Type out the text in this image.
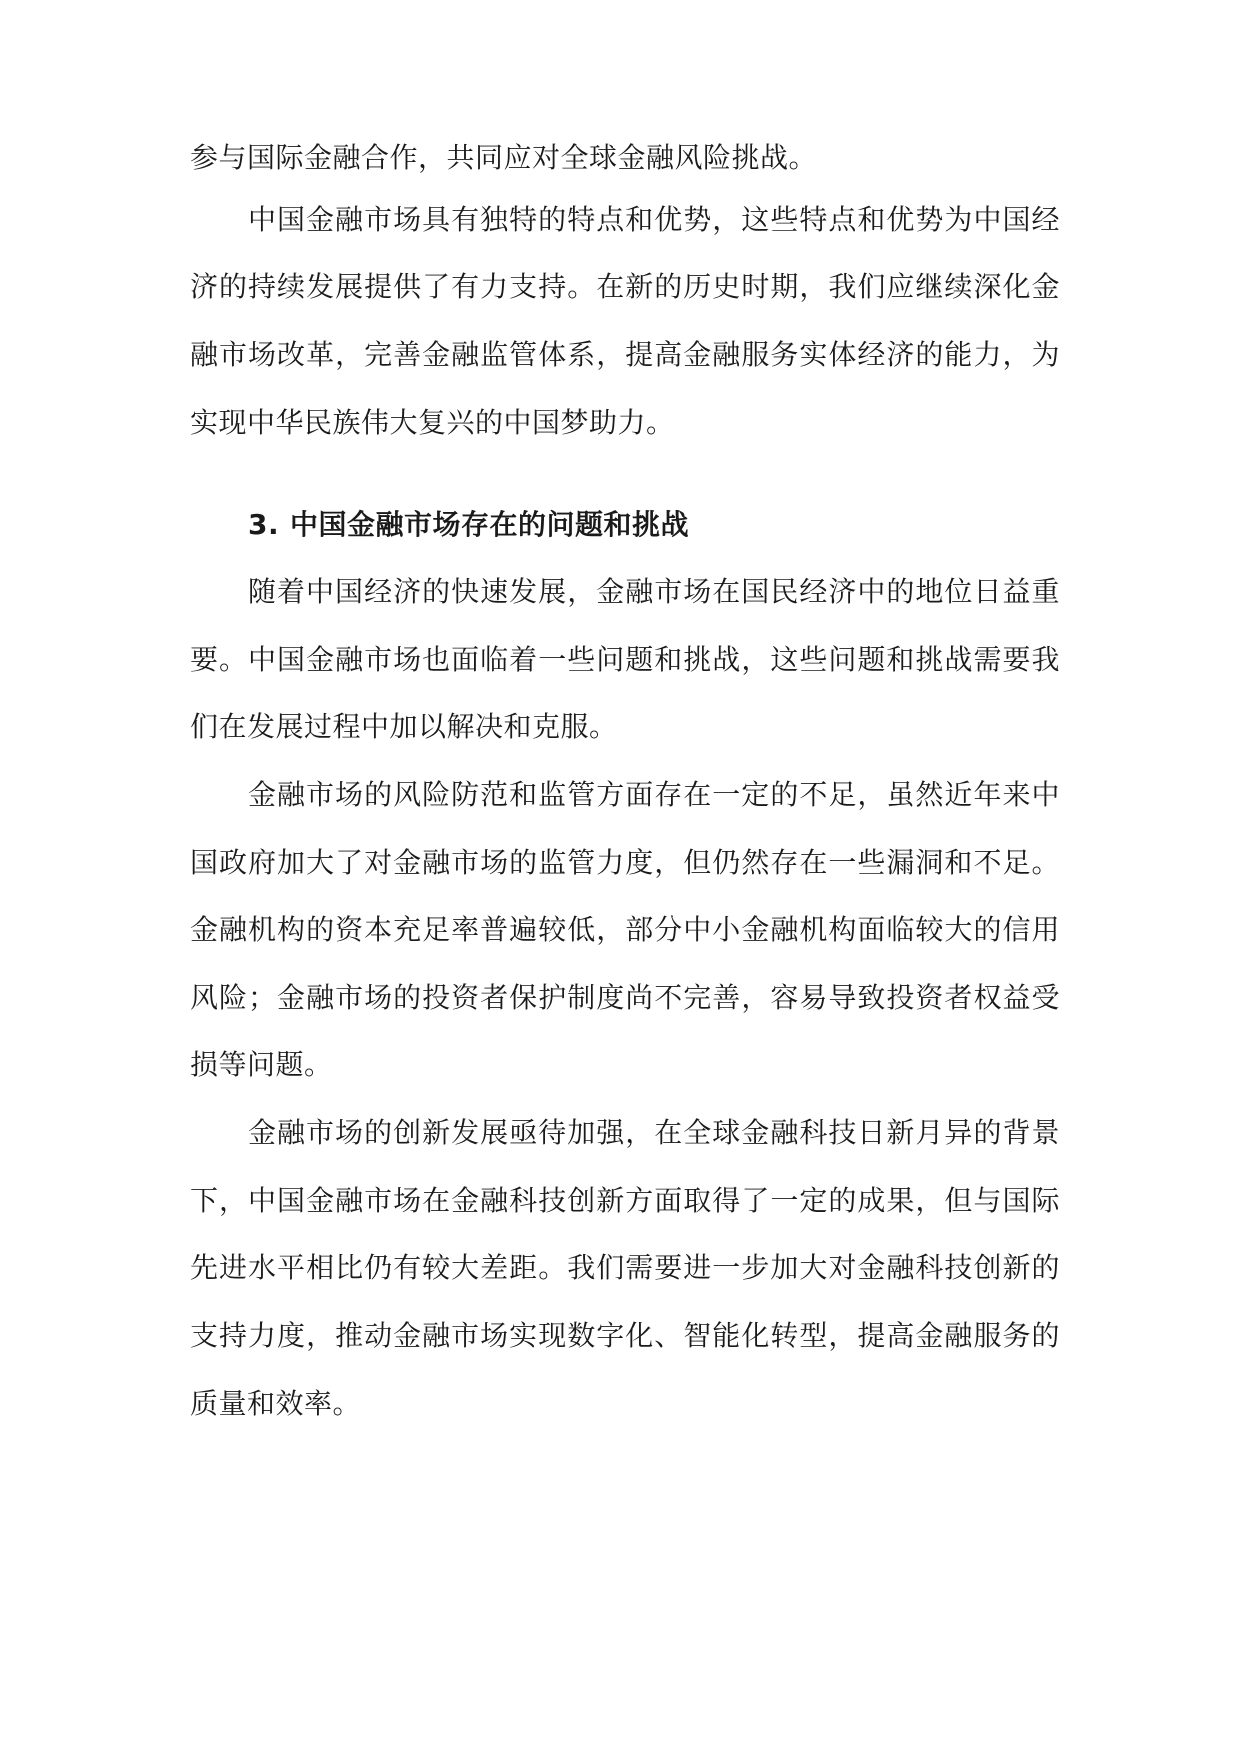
参与国际金融合作，共同应对全球金融风险挑战。
中国金融市场具有独特的特点和优势，这些特点和优势为中国经
济的持续发展提供了有力支持。在新的历史时期，我们应继续深化金
融市场改革，完善金融监管体系，提高金融服务实体经济的能力，为
实现中华民族伟大复兴的中国梦助力。
3. 中国金融市场存在的问题和挑战
随着中国经济的快速发展，金融市场在国民经济中的地位日益重
要。中国金融市场也面临着一些问题和挑战，这些问题和挑战需要我
们在发展过程中加以解决和克服。
金融市场的风险防范和监管方面存在一定的不足，虽然近年来中
国政府加大了对金融市场的监管力度，但仍然存在一些漏洞和不足。
金融机构的资本充足率普遍较低，部分中小金融机构面临较大的信用
风险；金融市场的投资者保护制度尚不完善，容易导致投资者权益受
损等问题。
金融市场的创新发展亟待加强，在全球金融科技日新月异的背景
下，中国金融市场在金融科技创新方面取得了一定的成果，但与国际
先进水平相比仍有较大差距。我们需要进一步加大对金融科技创新的
支持力度，推动金融市场实现数字化、智能化转型，提高金融服务的
质量和效率。
